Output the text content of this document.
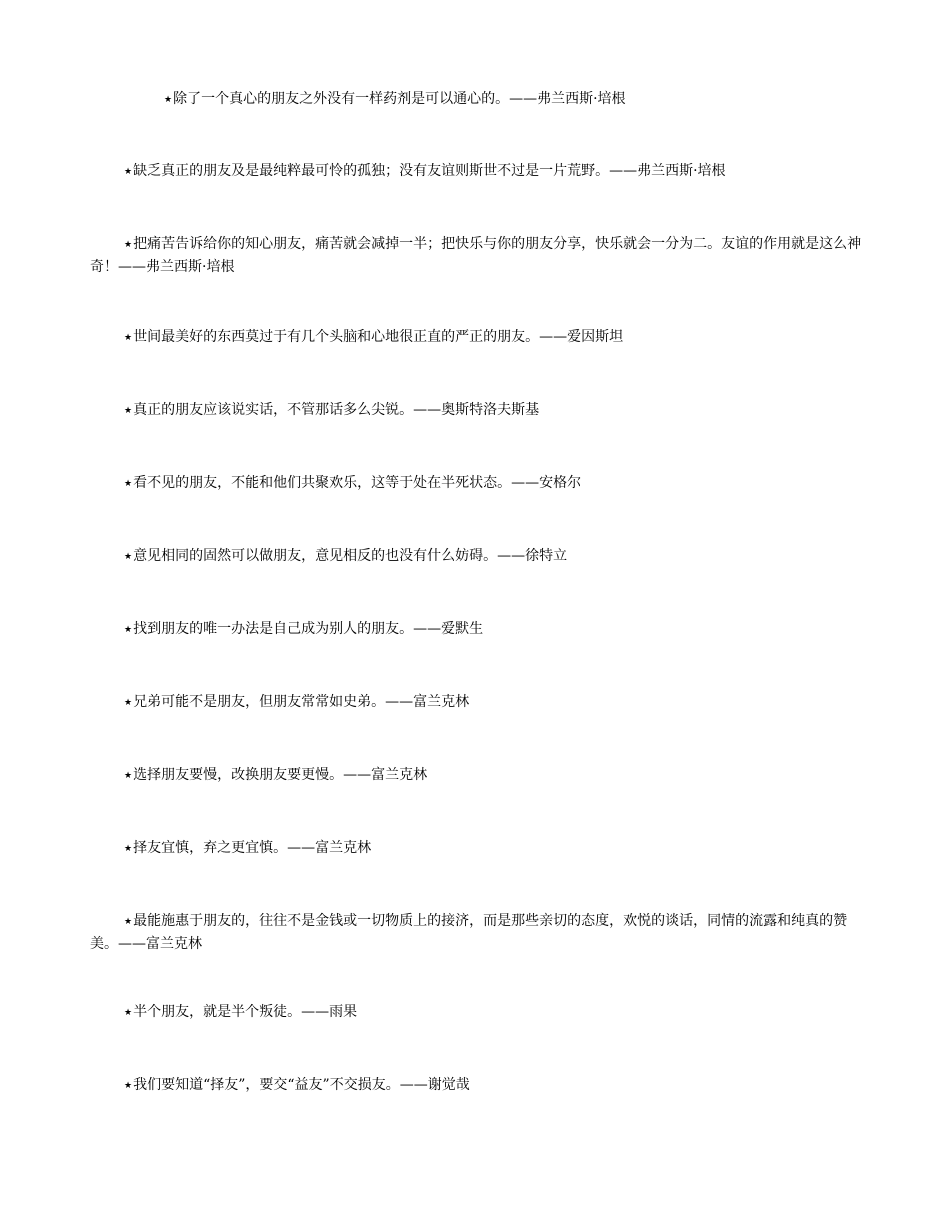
★除了一个真心的朋友之外没有一样药剂是可以通心的。——弗兰西斯·培根

★缺乏真正的朋友及是最纯粹最可怜的孤独；没有友谊则斯世不过是一片荒野。——弗兰西斯·培根

★把痛苦告诉给你的知心朋友，痛苦就会减掉一半；把快乐与你的朋友分享，快乐就会一分为二。友谊的作用就是这么神奇！——弗兰西斯·培根

★世间最美好的东西莫过于有几个头脑和心地很正直的严正的朋友。——爱因斯坦

★真正的朋友应该说实话，不管那话多么尖锐。——奥斯特洛夫斯基

★看不见的朋友，不能和他们共聚欢乐，这等于处在半死状态。——安格尔

★意见相同的固然可以做朋友，意见相反的也没有什么妨碍。——徐特立

★找到朋友的唯一办法是自己成为别人的朋友。——爱默生

★兄弟可能不是朋友，但朋友常常如史弟。——富兰克林

★选择朋友要慢，改换朋友要更慢。——富兰克林

★择友宜慎，弃之更宜慎。——富兰克林

★最能施惠于朋友的，往往不是金钱或一切物质上的接济，而是那些亲切的态度，欢悦的谈话，同情的流露和纯真的赞美。——富兰克林

★半个朋友，就是半个叛徒。——雨果

★我们要知道“择友”，要交“益友”不交损友。——谢觉哉
